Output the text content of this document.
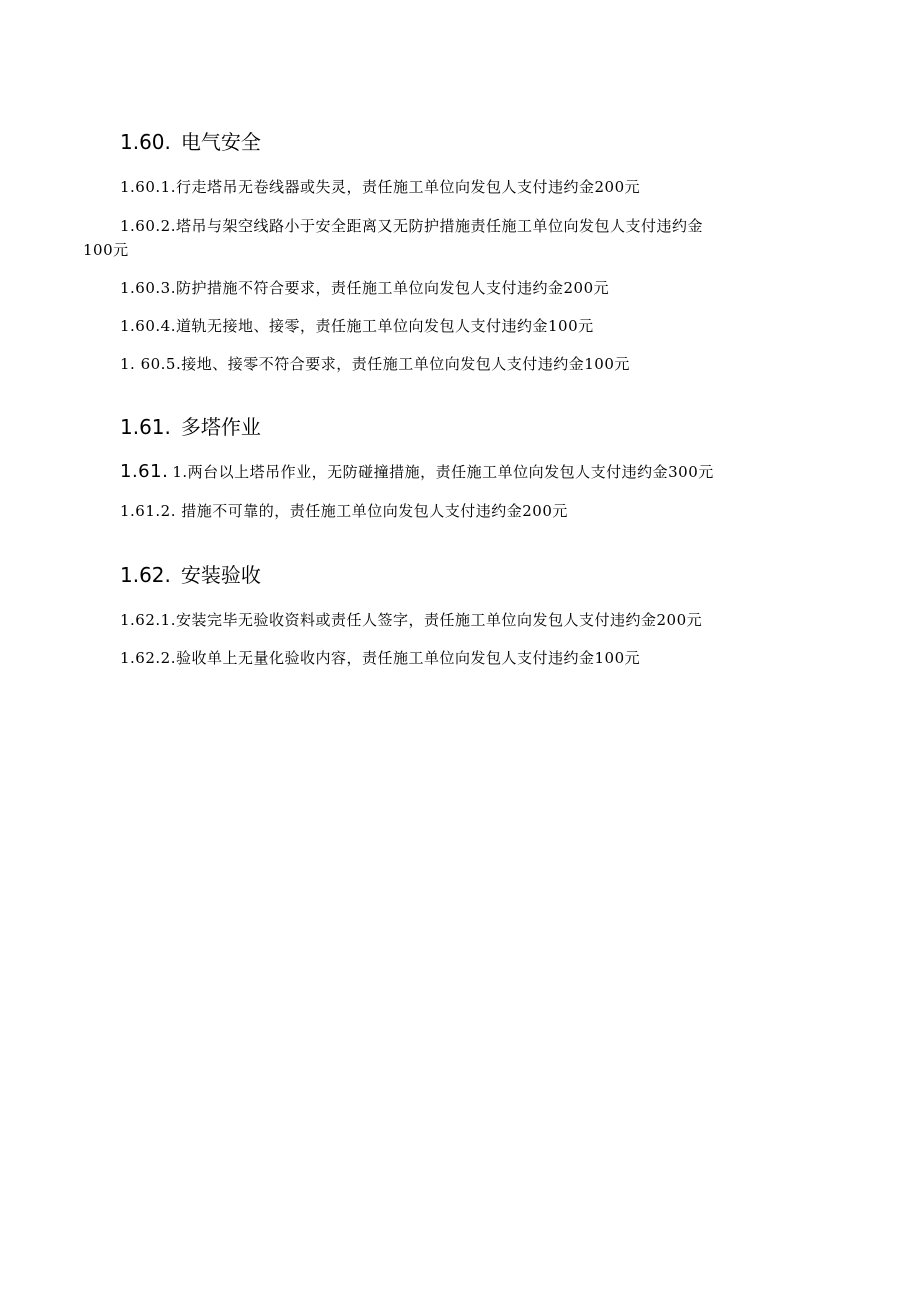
1.60. 电气安全
1.60.1.行走塔吊无卷线器或失灵，责任施工单位向发包人支付违约金200元
1.60.2.塔吊与架空线路小于安全距离又无防护措施责任施工单位向发包人支付违约金
100元
1.60.3.防护措施不符合要求，责任施工单位向发包人支付违约金200元
1.60.4.道轨无接地、接零，责任施工单位向发包人支付违约金100元
1. 60.5.接地、接零不符合要求，责任施工单位向发包人支付违约金100元
1.61. 多塔作业
1.61. 1.两台以上塔吊作业，无防碰撞措施，责任施工单位向发包人支付违约金300元
1.61.2. 措施不可靠的，责任施工单位向发包人支付违约金200元
1.62. 安装验收
1.62.1.安装完毕无验收资料或责任人签字，责任施工单位向发包人支付违约金200元
1.62.2.验收单上无量化验收内容，责任施工单位向发包人支付违约金100元
